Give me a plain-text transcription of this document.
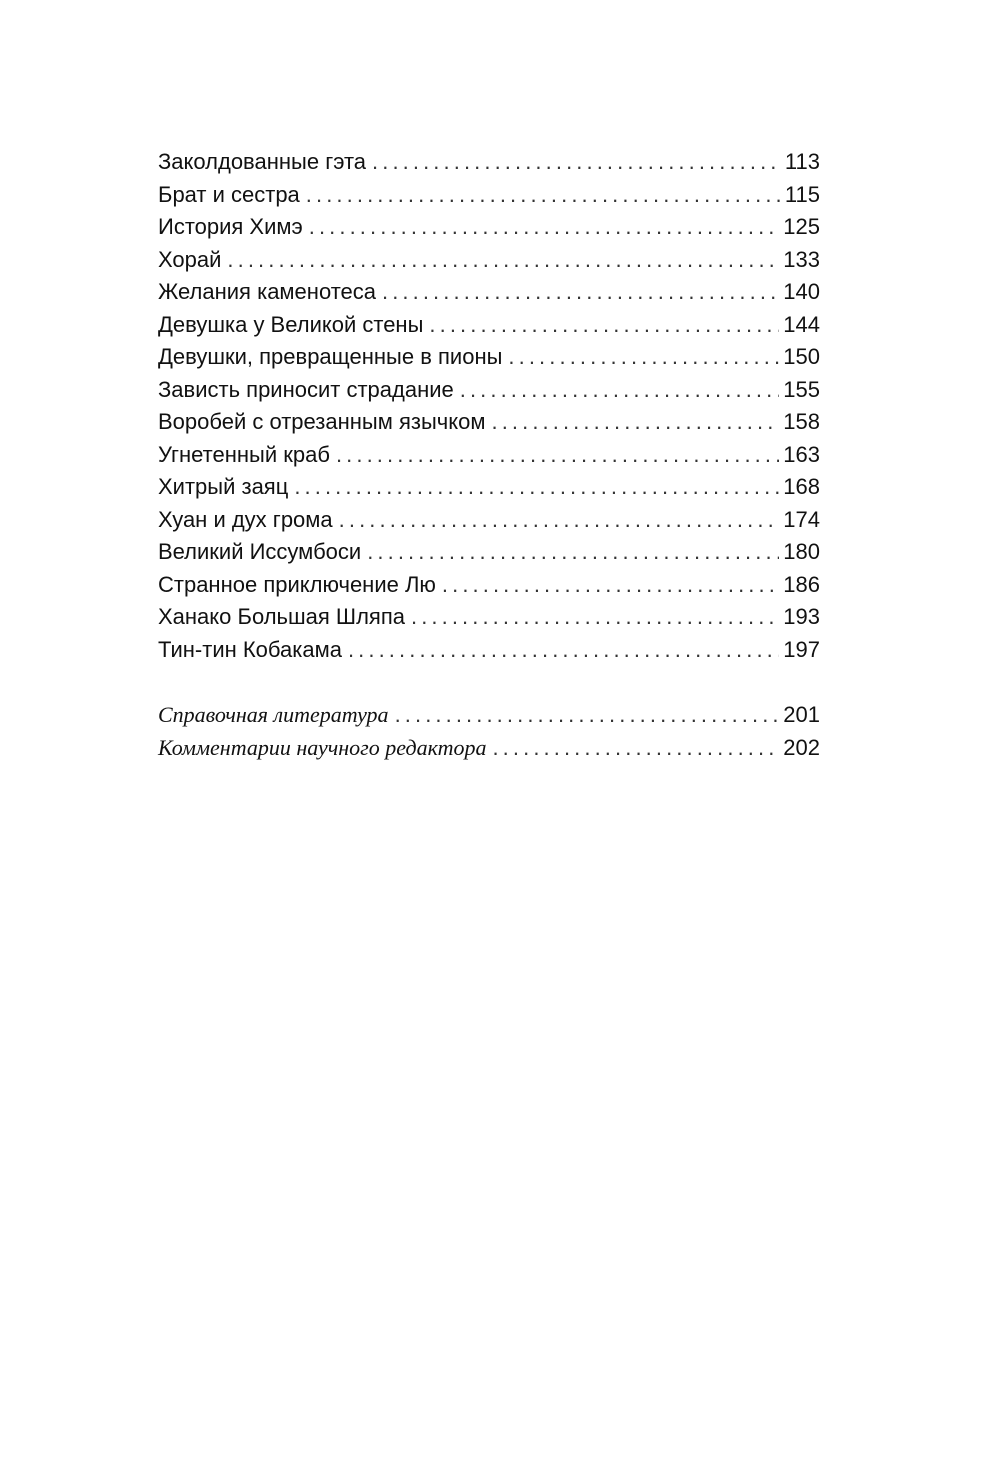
Заколдованные гэта .....	113
Брат и сестра .....	115
История Химэ .....	125
Хорай .....	133
Желания каменотеса .....	140
Девушка у Великой стены .....	144
Девушки, превращенные в пионы .....	150
Зависть приносит страдание .....	155
Воробей с отрезанным язычком .....	158
Угнетенный краб .....	163
Хитрый заяц .....	168
Хуан и дух грома .....	174
Великий Иссумбоси .....	180
Странное приключение Лю .....	186
Ханако Большая Шляпа .....	193
Тин-тин Кобакама .....	197
Справочная литература .....	201
Комментарии научного редактора .....	202
